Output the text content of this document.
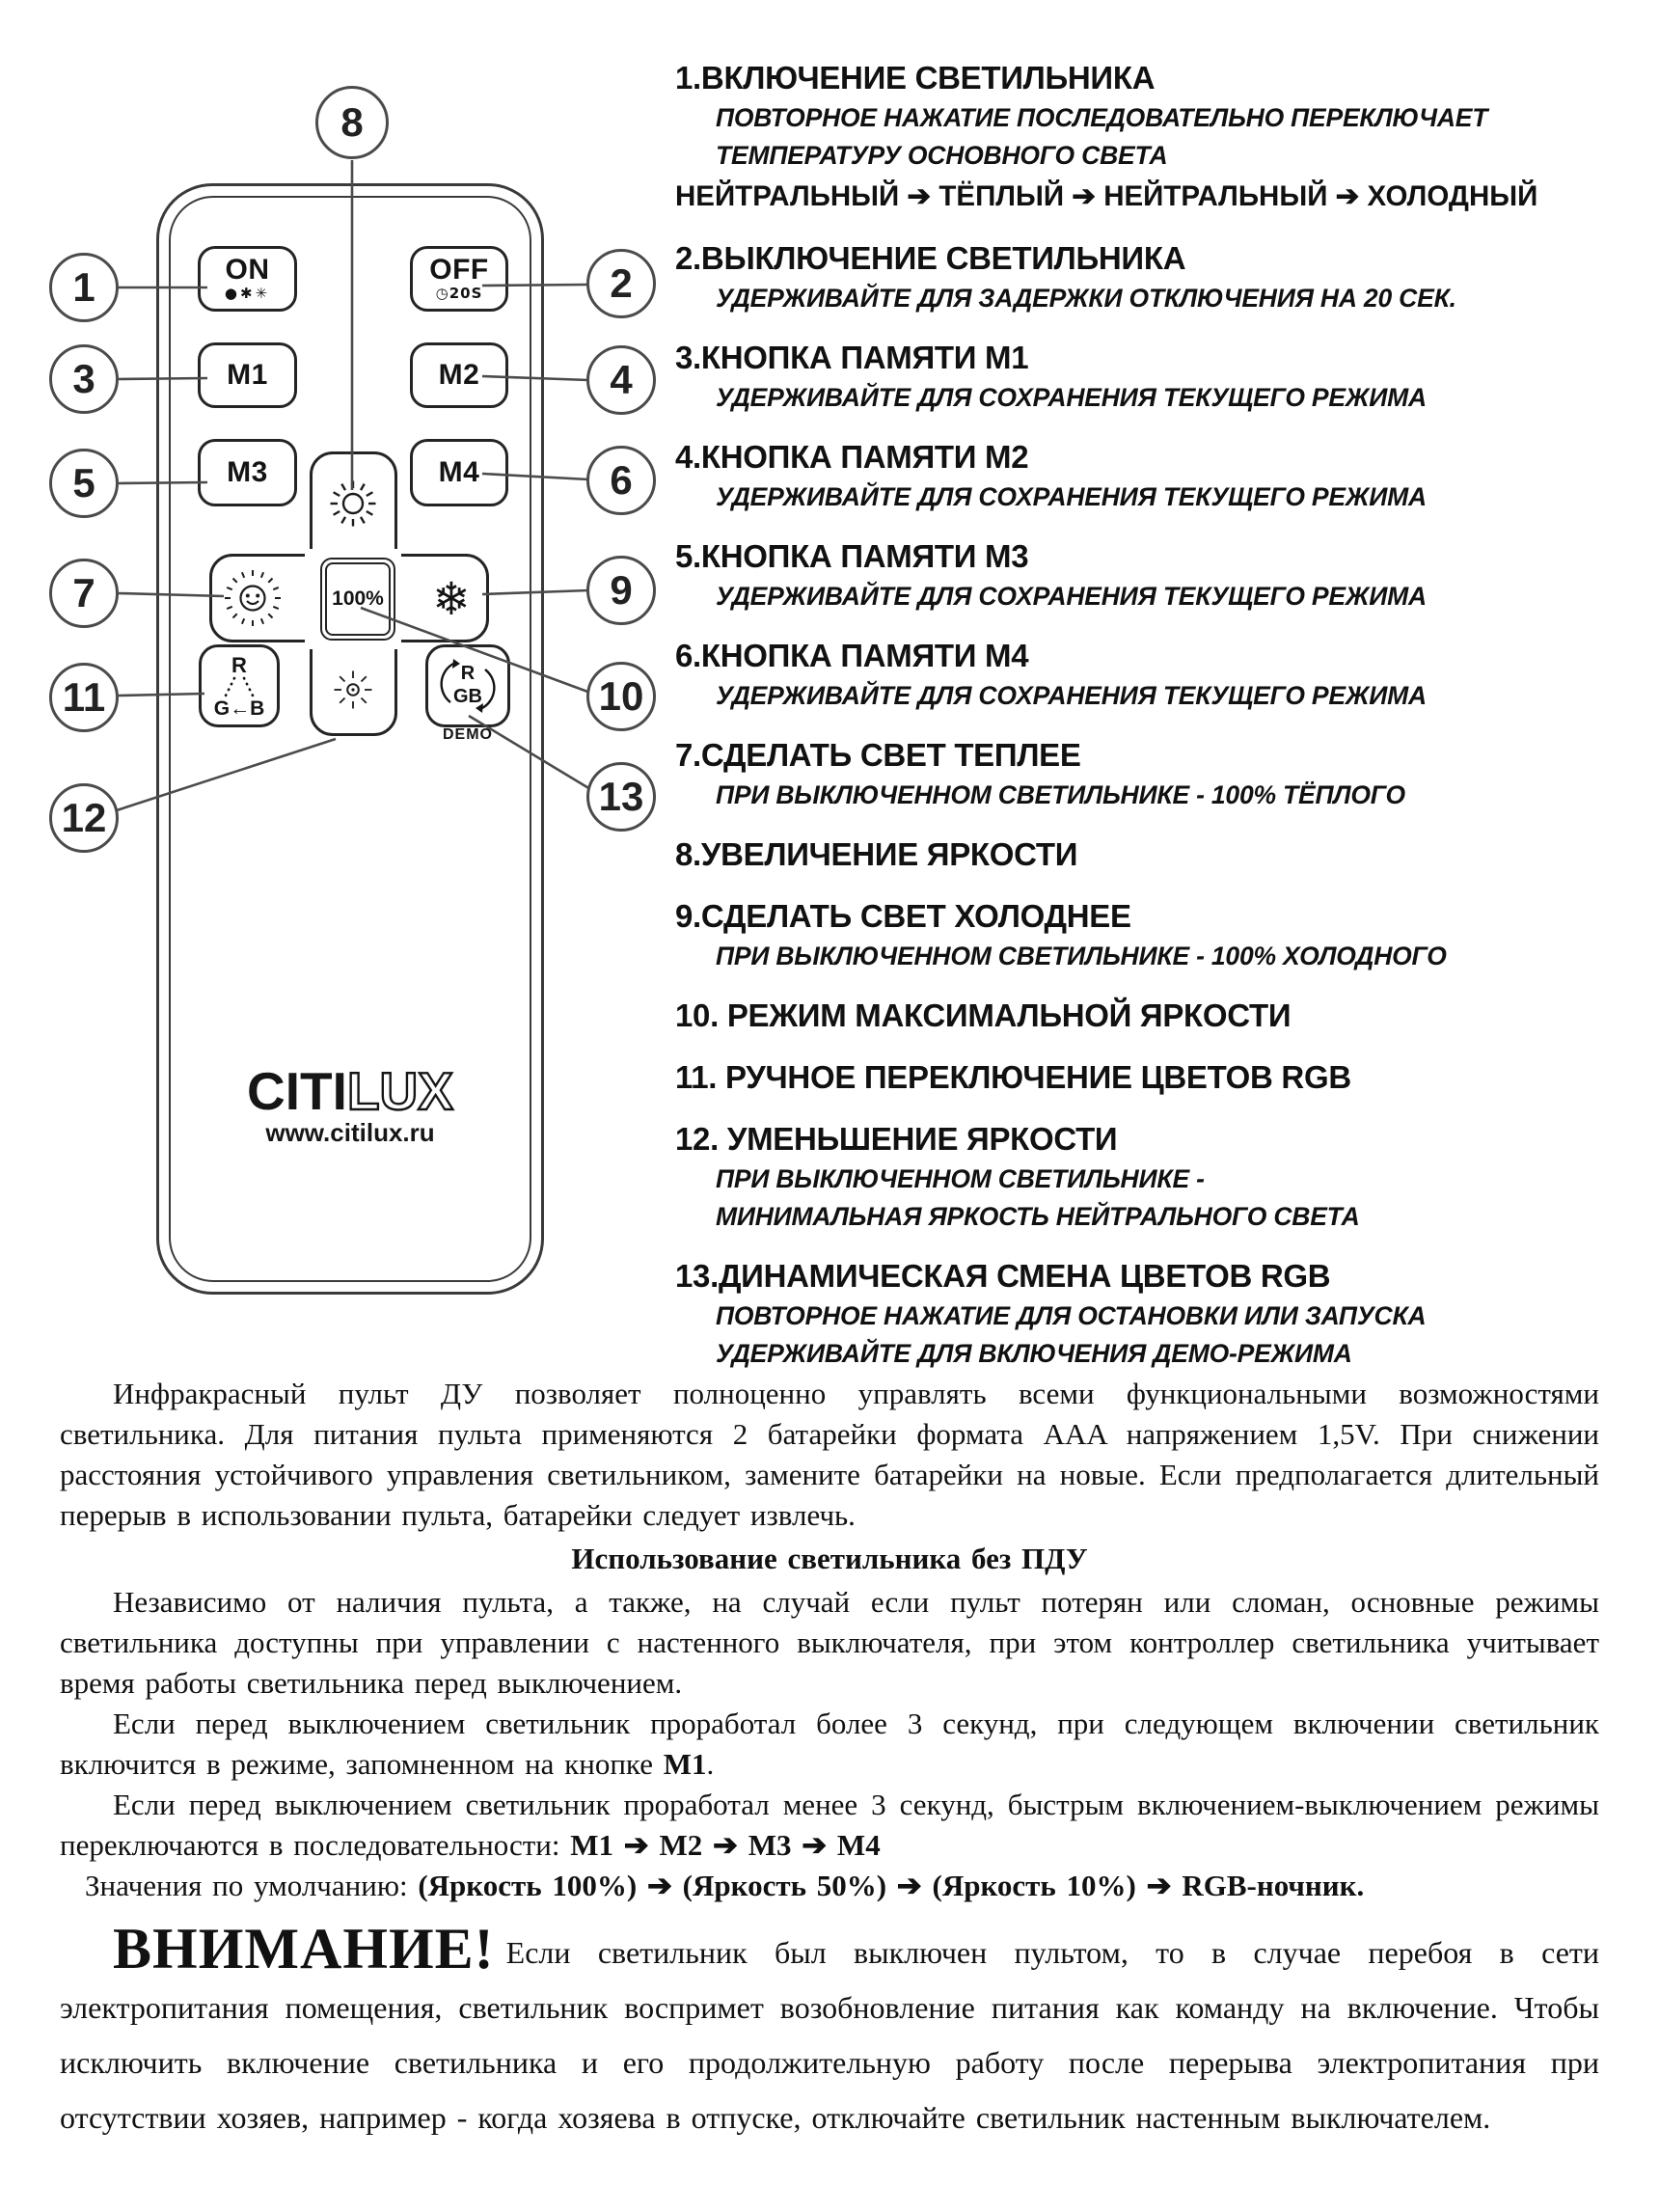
ON
●✱✳
OFF
◷20S
M1	M2
M3	M4
100% ❄
R
G←B
R
GB
DEMO
CITILUX
www.citilux.ru
8
1	2
3	4
5	6
7	9
10
11
12	13
1.ВКЛЮЧЕНИЕ СВЕТИЛЬНИКА
ПОВТОРНОЕ НАЖАТИЕ ПОСЛЕДОВАТЕЛЬНО ПЕРЕКЛЮЧАЕТ
ТЕМПЕРАТУРУ ОСНОВНОГО СВЕТА
НЕЙТРАЛЬНЫЙ ➔ ТЁПЛЫЙ ➔ НЕЙТРАЛЬНЫЙ ➔ ХОЛОДНЫЙ
2.ВЫКЛЮЧЕНИЕ СВЕТИЛЬНИКА
УДЕРЖИВАЙТЕ ДЛЯ ЗАДЕРЖКИ ОТКЛЮЧЕНИЯ НА 20 СЕК.
3.КНОПКА ПАМЯТИ M1
УДЕРЖИВАЙТЕ ДЛЯ СОХРАНЕНИЯ ТЕКУЩЕГО РЕЖИМА
4.КНОПКА ПАМЯТИ M2
УДЕРЖИВАЙТЕ ДЛЯ СОХРАНЕНИЯ ТЕКУЩЕГО РЕЖИМА
5.КНОПКА ПАМЯТИ M3
УДЕРЖИВАЙТЕ ДЛЯ СОХРАНЕНИЯ ТЕКУЩЕГО РЕЖИМА
6.КНОПКА ПАМЯТИ M4
УДЕРЖИВАЙТЕ ДЛЯ СОХРАНЕНИЯ ТЕКУЩЕГО РЕЖИМА
7.СДЕЛАТЬ СВЕТ ТЕПЛЕЕ
ПРИ ВЫКЛЮЧЕННОМ СВЕТИЛЬНИКЕ - 100% ТЁПЛОГО
8.УВЕЛИЧЕНИЕ ЯРКОСТИ
9.СДЕЛАТЬ СВЕТ ХОЛОДНЕЕ
ПРИ ВЫКЛЮЧЕННОМ СВЕТИЛЬНИКЕ - 100% ХОЛОДНОГО
10. РЕЖИМ МАКСИМАЛЬНОЙ ЯРКОСТИ
11. РУЧНОЕ ПЕРЕКЛЮЧЕНИЕ ЦВЕТОВ RGB
12. УМЕНЬШЕНИЕ ЯРКОСТИ
ПРИ ВЫКЛЮЧЕННОМ СВЕТИЛЬНИКЕ -
МИНИМАЛЬНАЯ ЯРКОСТЬ НЕЙТРАЛЬНОГО СВЕТА
13.ДИНАМИЧЕСКАЯ СМЕНА ЦВЕТОВ RGB
ПОВТОРНОЕ НАЖАТИЕ ДЛЯ ОСТАНОВКИ ИЛИ ЗАПУСКА
УДЕРЖИВАЙТЕ ДЛЯ ВКЛЮЧЕНИЯ ДЕМО-РЕЖИМА

Инфракрасный пульт ДУ позволяет полноценно управлять всеми функциональными возможностями светильника. Для питания пульта применяются 2 батарейки формата AAA напряжением 1,5V. При снижении расстояния устойчивого управления светильником, замените батарейки на новые. Если предполагается длительный перерыв в использовании пульта, батарейки следует извлечь.

Использование светильника без ПДУ

Независимо от наличия пульта, а также, на случай если пульт потерян или сломан, основные режимы светильника доступны при управлении с настенного выключателя, при этом контроллер светильника учитывает время работы светильника перед выключением.

Если перед выключением светильник проработал более 3 секунд, при следующем включении светильник включится в режиме, запомненном на кнопке M1.

Если перед выключением светильник проработал менее 3 секунд, быстрым включением-выключением режимы переключаются в последовательности: M1 ➔ M2 ➔ M3 ➔ M4

Значения по умолчанию: (Яркость 100%) ➔ (Яркость 50%) ➔ (Яркость 10%) ➔ RGB-ночник.

ВНИМАНИЕ! Если светильник был выключен пультом, то в случае перебоя в сети электропитания помещения, светильник воспримет возобновление питания как команду на включение. Чтобы исключить включение светильника и его продолжительную работу после перерыва электропитания при отсутствии хозяев, например - когда хозяева в отпуске, отключайте светильник настенным выключателем.
